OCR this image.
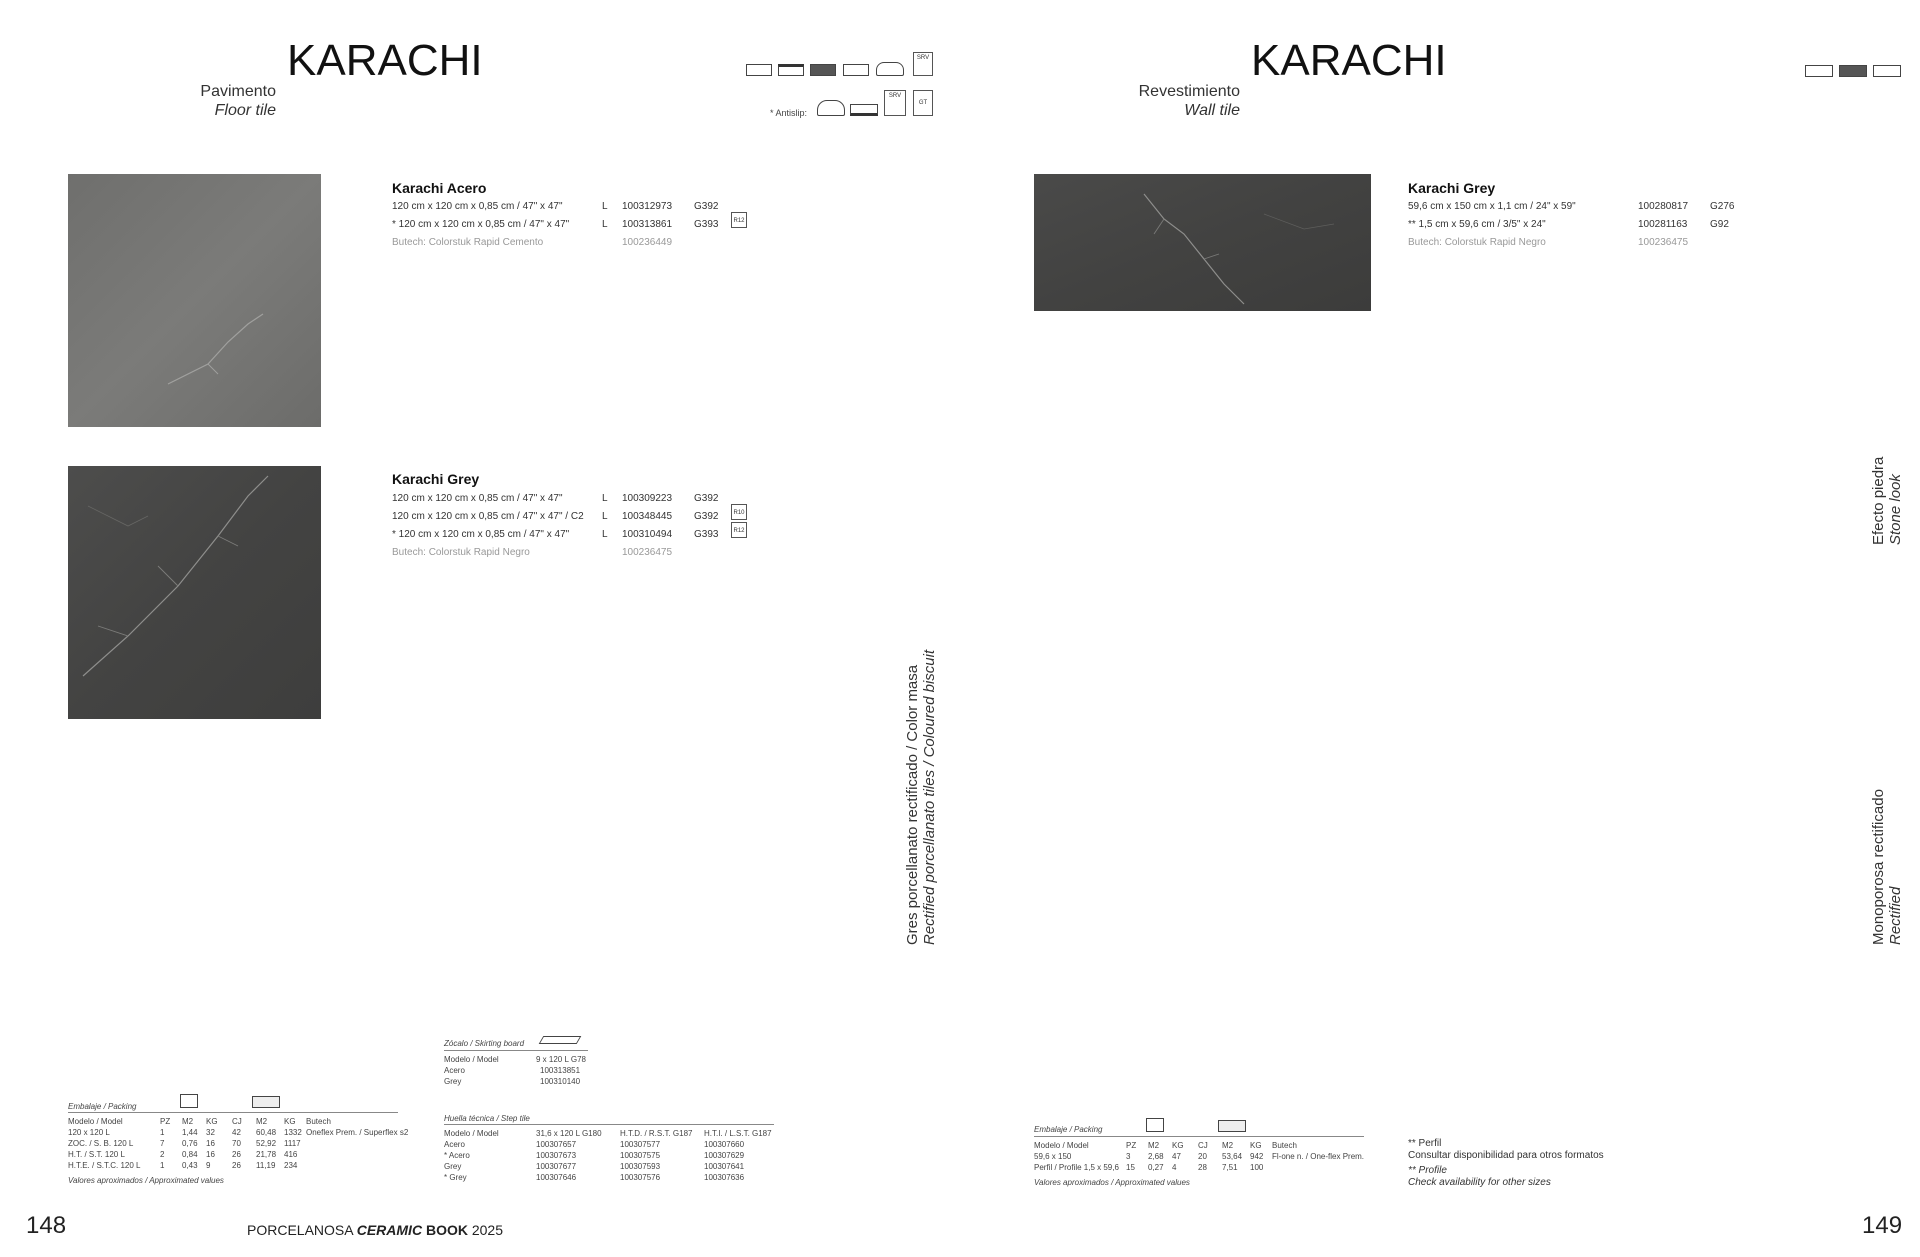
KARACHI
Pavimento
Floor tile
SRV
* Antislip:
SRV
GT
Karachi Acero
120 cm x 120 cm x 0,85 cm / 47" x 47"	L 100312973 G392
* 120 cm x 120 cm x 0,85 cm / 47" x 47"	L 100313861 G393	R12
Butech: Colorstuk Rapid Cemento	100236449
Karachi Grey
120 cm x 120 cm x 0,85 cm / 47" x 47"	L 100309223 G392
120 cm x 120 cm x 0,85 cm / 47" x 47" / C2 L 100348445 G392	R10
* 120 cm x 120 cm x 0,85 cm / 47" x 47"	L 100310494 G393	R12
Butech: Colorstuk Rapid Negro	100236475
Gres porcellanato rectificado / Color masa Rectified porcellanato tiles / Coloured biscuit
Zócalo / Skirting board
Modelo / Model	9 x 120 L G78
Acero	100313851
Grey	100310140
Huella técnica / Step tile
Modelo / Model	31,6 x 120 L G180	H.T.D. / R.S.T. G187	H.T.I. / L.S.T. G187
Acero	100307657	100307577	100307660
* Acero	100307673	100307575	100307629
Grey	100307677	100307593	100307641
* Grey	100307646	100307576	100307636
Embalaje / Packing
Modelo / Model	PZ	M2	KG	CJ	M2	KG	Butech
120 x 120 L	1	1,44	32	42	60,48	1332	Oneflex Prem. / Superflex s2
ZOC. / S. B. 120 L	7	0,76	16	70	52,92	1117	
H.T. / S.T. 120 L	2	0,84	16	26	21,78	416	
H.T.E. / S.T.C. 120 L	1	0,43	9	26	11,19	234	
Valores aproximados / Approximated values
148	PORCELANOSA CERAMIC BOOK 2025
KARACHI
Revestimiento
Wall tile
Karachi Grey
59,6 cm x 150 cm x 1,1 cm / 24" x 59"	100280817 G276
** 1,5 cm x 59,6 cm / 3/5" x 24"	100281163 G92
Butech: Colorstuk Rapid Negro	100236475
Efecto piedra Stone look
Monoporosa rectificado Rectified
Embalaje / Packing
Modelo / Model	PZ	M2	KG	CJ	M2	KG	Butech
59,6 x 150	3	2,68	47	20	53,64	942	Fl-one n. / One-flex Prem.
Perfil / Profile 1,5 x 59,6	15	0,27	4	28	7,51	100	
Valores aproximados / Approximated values
** Perfil
Consultar disponibilidad para otros formatos
** Profile
Check availability for other sizes
149
